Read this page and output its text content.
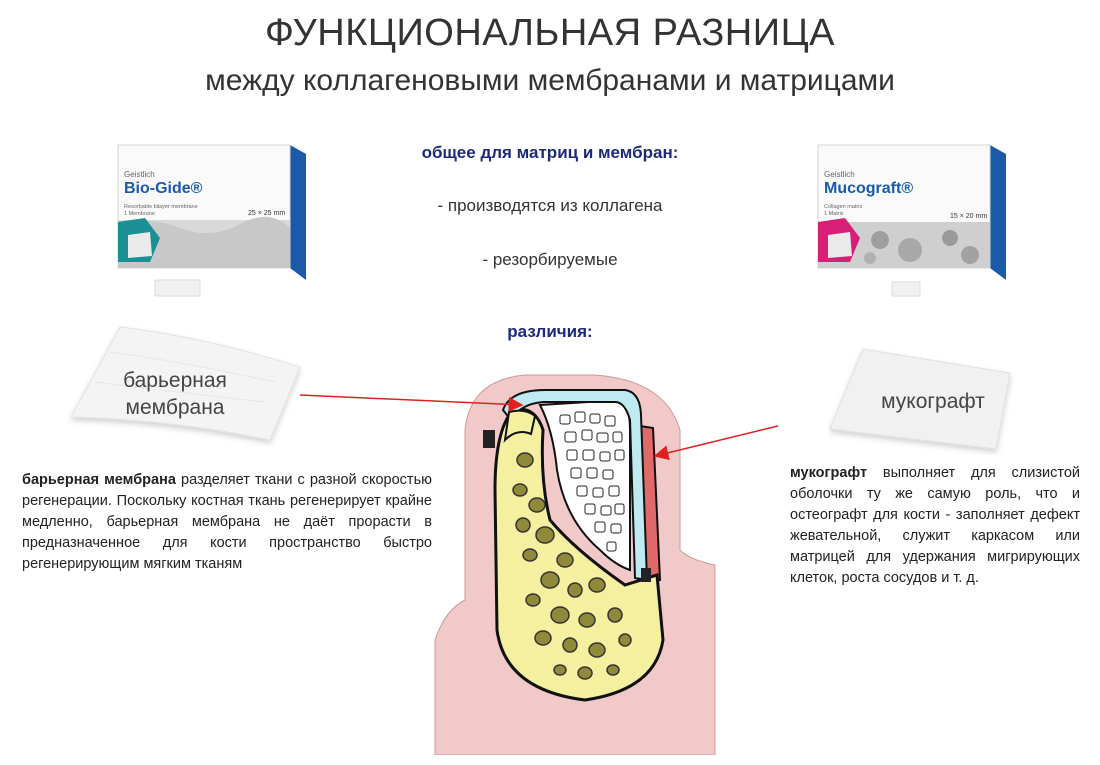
ФУНКЦИОНАЛЬНАЯ РАЗНИЦА
между коллагеновыми мембранами и матрицами
общее для матриц и мембран:
- производятся из коллагена
- резорбируемые
различия:
Geistlich
Bio-Gide®
Resorbable bilayer membrane
1 Membrane	25 × 25 mm
Geistlich
Mucograft®
Collagen matrix
1 Matrix	15 × 20 mm
барьерная
мембрана	мукографт
барьерная мембрана разделяет ткани с разной скоростью регенерации. Поскольку костная ткань регенерирует крайне медленно, барьерная мембрана не даёт прорасти в предназначенное для кости пространство быстро регенерирующим мягким тканям
мукографт выполняет для слизистой оболочки ту же самую роль, что и остеографт для кости - заполняет дефект жевательной, служит каркасом или матрицей для удержания мигрирующих клеток, роста сосудов и т. д.
